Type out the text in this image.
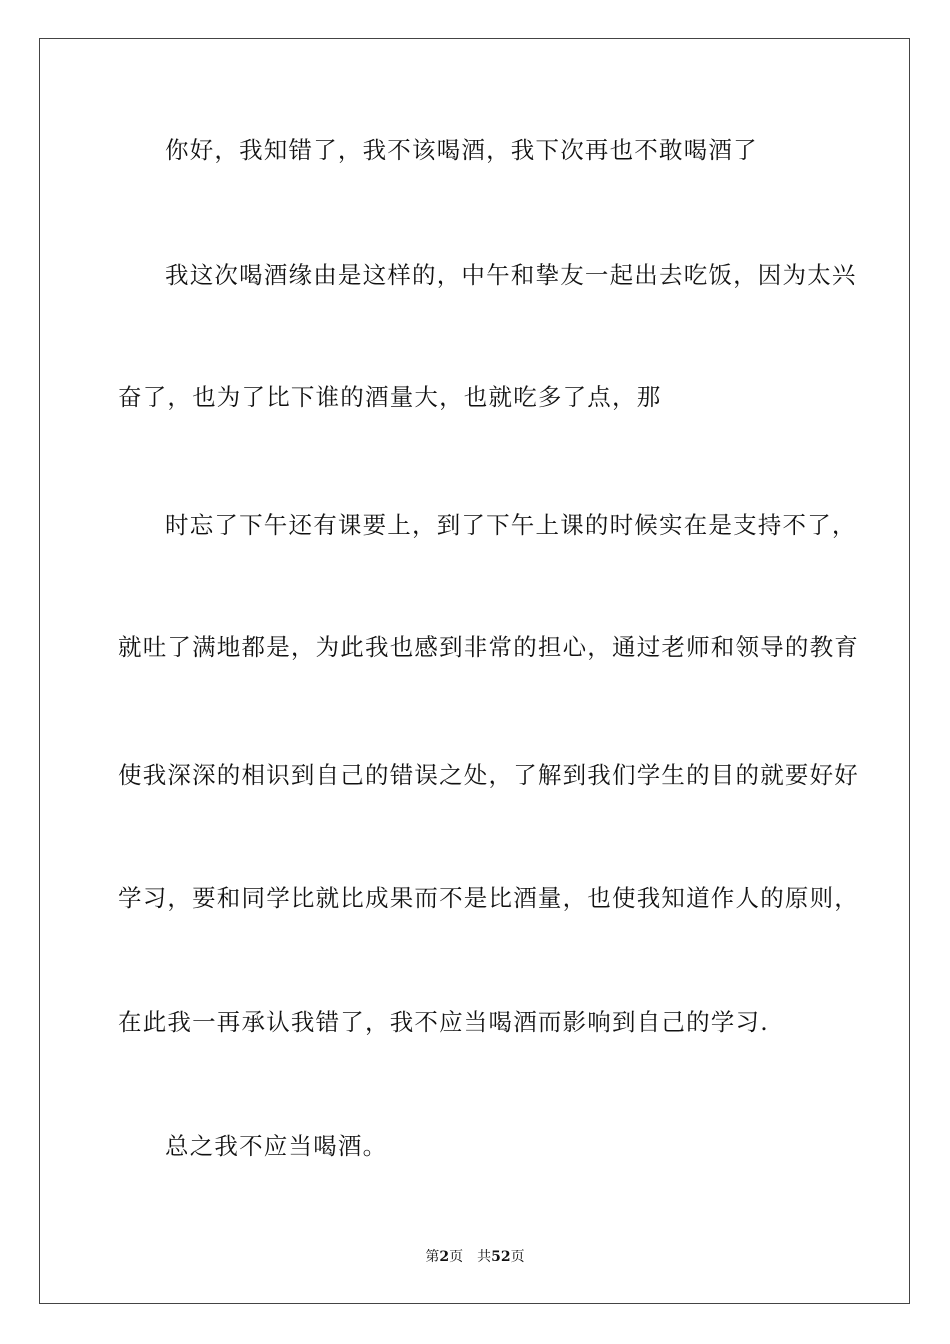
你好，我知错了，我不该喝酒，我下次再也不敢喝酒了
我这次喝酒缘由是这样的，中午和挚友一起出去吃饭，因为太兴
奋了，也为了比下谁的酒量大，也就吃多了点，那
时忘了下午还有课要上，到了下午上课的时候实在是支持不了，
就吐了满地都是，为此我也感到非常的担心，通过老师和领导的教育
使我深深的相识到自己的错误之处，了解到我们学生的目的就要好好
学习，要和同学比就比成果而不是比酒量，也使我知道作人的原则，
在此我一再承认我错了，我不应当喝酒而影响到自己的学习.
总之我不应当喝酒。
第2页 共52页
